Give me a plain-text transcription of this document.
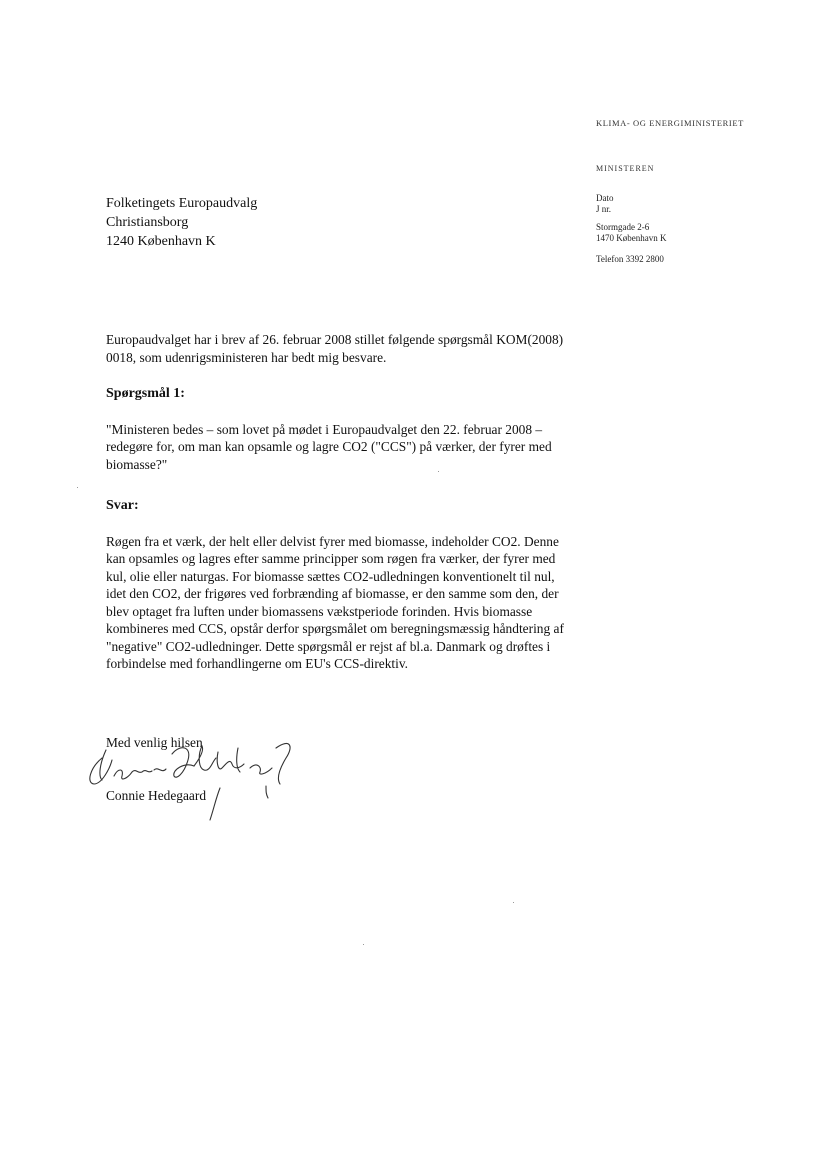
KLIMA- OG ENERGIMINISTERIET
MINISTEREN
Dato
J nr.
Stormgade 2-6
1470 København K
Telefon 3392 2800
Folketingets Europaudvalg
Christiansborg
1240 København K

Europaudvalget har i brev af 26. februar 2008 stillet følgende spørgsmål KOM(2008) 0018, som udenrigsministeren har bedt mig besvare.

Spørgsmål 1:

"Ministeren bedes – som lovet på mødet i Europaudvalget den 22. februar 2008 – redegøre for, om man kan opsamle og lagre CO2 ("CCS") på værker, der fyrer med biomasse?"

Svar:

Røgen fra et værk, der helt eller delvist fyrer med biomasse, indeholder CO2. Denne kan opsamles og lagres efter samme principper som røgen fra værker, der fyrer med kul, olie eller naturgas. For biomasse sættes CO2-udledningen konventionelt til nul, idet den CO2, der frigøres ved forbrænding af biomasse, er den samme som den, der blev optaget fra luften under biomassens vækstperiode forinden. Hvis biomasse kombineres med CCS, opstår derfor spørgsmålet om beregningsmæssig håndtering af "negative" CO2-udledninger. Dette spørgsmål er rejst af bl.a. Danmark og drøftes i forbindelse med forhandlingerne om EU's CCS-direktiv.

Med venlig hilsen
Connie Hedegaard
